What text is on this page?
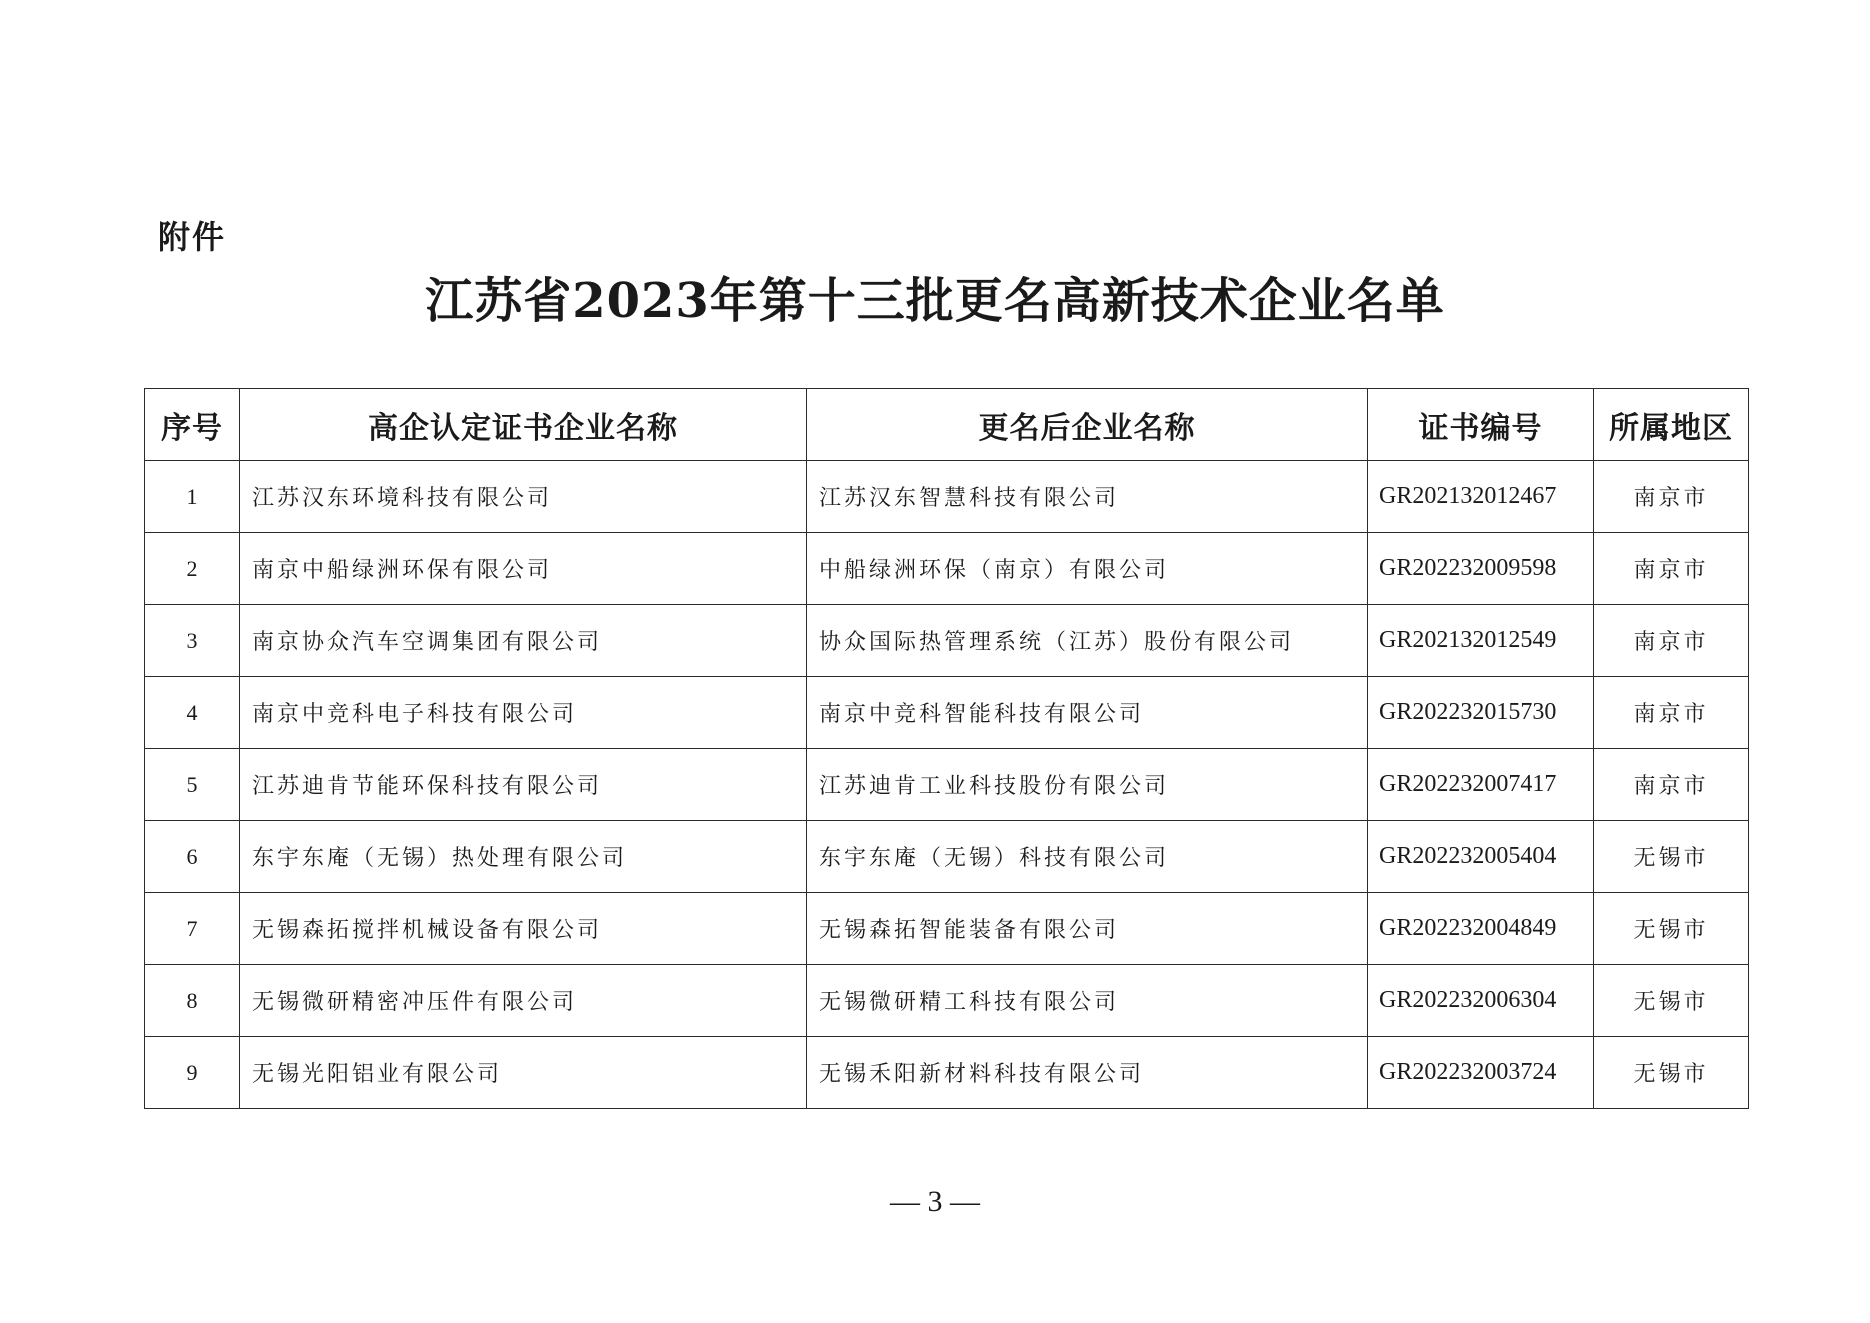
附件
江苏省2023年第十三批更名高新技术企业名单
序号	高企认定证书企业名称	更名后企业名称	证书编号	所属地区
1	江苏汉东环境科技有限公司	江苏汉东智慧科技有限公司	GR202132012467	南京市
2	南京中船绿洲环保有限公司	中船绿洲环保（南京）有限公司	GR202232009598	南京市
3	南京协众汽车空调集团有限公司	协众国际热管理系统（江苏）股份有限公司	GR202132012549	南京市
4	南京中竞科电子科技有限公司	南京中竞科智能科技有限公司	GR202232015730	南京市
5	江苏迪肯节能环保科技有限公司	江苏迪肯工业科技股份有限公司	GR202232007417	南京市
6	东宇东庵（无锡）热处理有限公司	东宇东庵（无锡）科技有限公司	GR202232005404	无锡市
7	无锡森拓搅拌机械设备有限公司	无锡森拓智能装备有限公司	GR202232004849	无锡市
8	无锡微研精密冲压件有限公司	无锡微研精工科技有限公司	GR202232006304	无锡市
9	无锡光阳铝业有限公司	无锡禾阳新材料科技有限公司	GR202232003724	无锡市
— 3 —
